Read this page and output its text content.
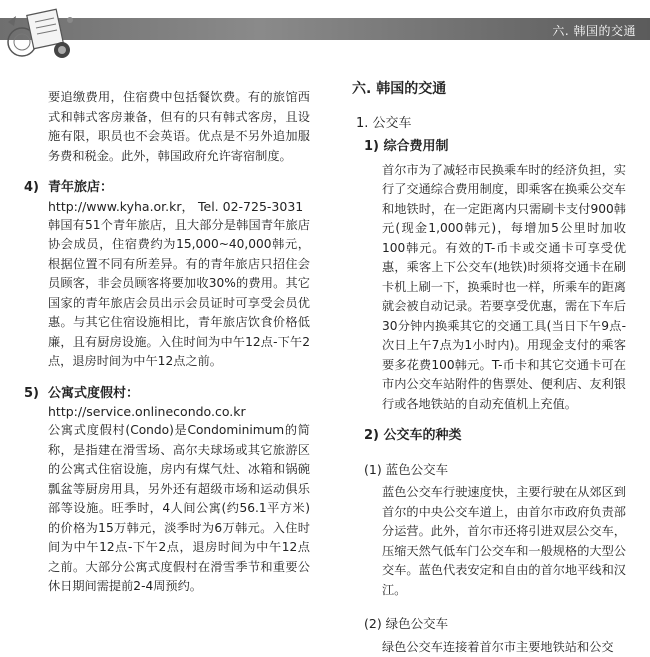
六. 韩国的交通

要追缴费用，住宿费中包括餐饮费。有的旅馆西式和韩式客房兼备，但有的只有韩式客房，且设施有限，职员也不会英语。优点是不另外追加服务费和税金。此外，韩国政府允许寄宿制度。

4) 青年旅店：
http://www.kyha.or.kr， Tel. 02-725-3031

韩国有51个青年旅店，且大部分是韩国青年旅店协会成员，住宿费约为15,000~40,000韩元，根据位置不同有所差异。有的青年旅店只招住会员顾客，非会员顾客将要加收30%的费用。其它国家的青年旅店会员出示会员证时可享受会员优惠。与其它住宿设施相比，青年旅店饮食价格低廉，且有厨房设施。入住时间为中午12点-下午2点，退房时间为中午12点之前。

5) 公寓式度假村：
http://service.onlinecondo.co.kr

公寓式度假村(Condo)是Condominimum的简称，是指建在滑雪场、高尔夫球场或其它旅游区的公寓式住宿设施，房内有煤气灶、冰箱和锅碗瓢盆等厨房用具，另外还有超级市场和运动俱乐部等设施。旺季时，4人间公寓(约56.1平方米)的价格为15万韩元，淡季时为6万韩元。入住时间为中午12点-下午2点，退房时间为中午12点之前。大部分公寓式度假村在滑雪季节和重要公休日期间需提前2-4周预约。

六. 韩国的交通
1. 公交车
1) 综合费用制

首尔市为了减轻市民换乘车时的经济负担，实行了交通综合费用制度，即乘客在换乘公交车和地铁时，在一定距离内只需刷卡支付900韩元(现金1,000韩元)，每增加5公里时加收100韩元。有效的T-币卡或交通卡可享受优惠，乘客上下公交车(地铁)时须将交通卡在刷卡机上刷一下，换乘时也一样，所乘车的距离就会被自动记录。若要享受优惠，需在下车后30分钟内换乘其它的交通工具(当日下午9点-次日上午7点为1小时内)。用现金支付的乘客要多花费100韩元。T-币卡和其它交通卡可在市内公交车站附件的售票处、便利店、友利银行或各地铁站的自动充值机上充值。

2) 公交车的种类
(1) 蓝色公交车

蓝色公交车行驶速度快，主要行驶在从郊区到首尔的中央公交车道上，由首尔市政府负责部分运营。此外，首尔市还将引进双层公交车，压缩天然气低车门公交车和一般规格的大型公交车。蓝色代表安定和自由的首尔地平线和汉江。

(2) 绿色公交车

绿色公交车连接着首尔市主要地铁站和公交
